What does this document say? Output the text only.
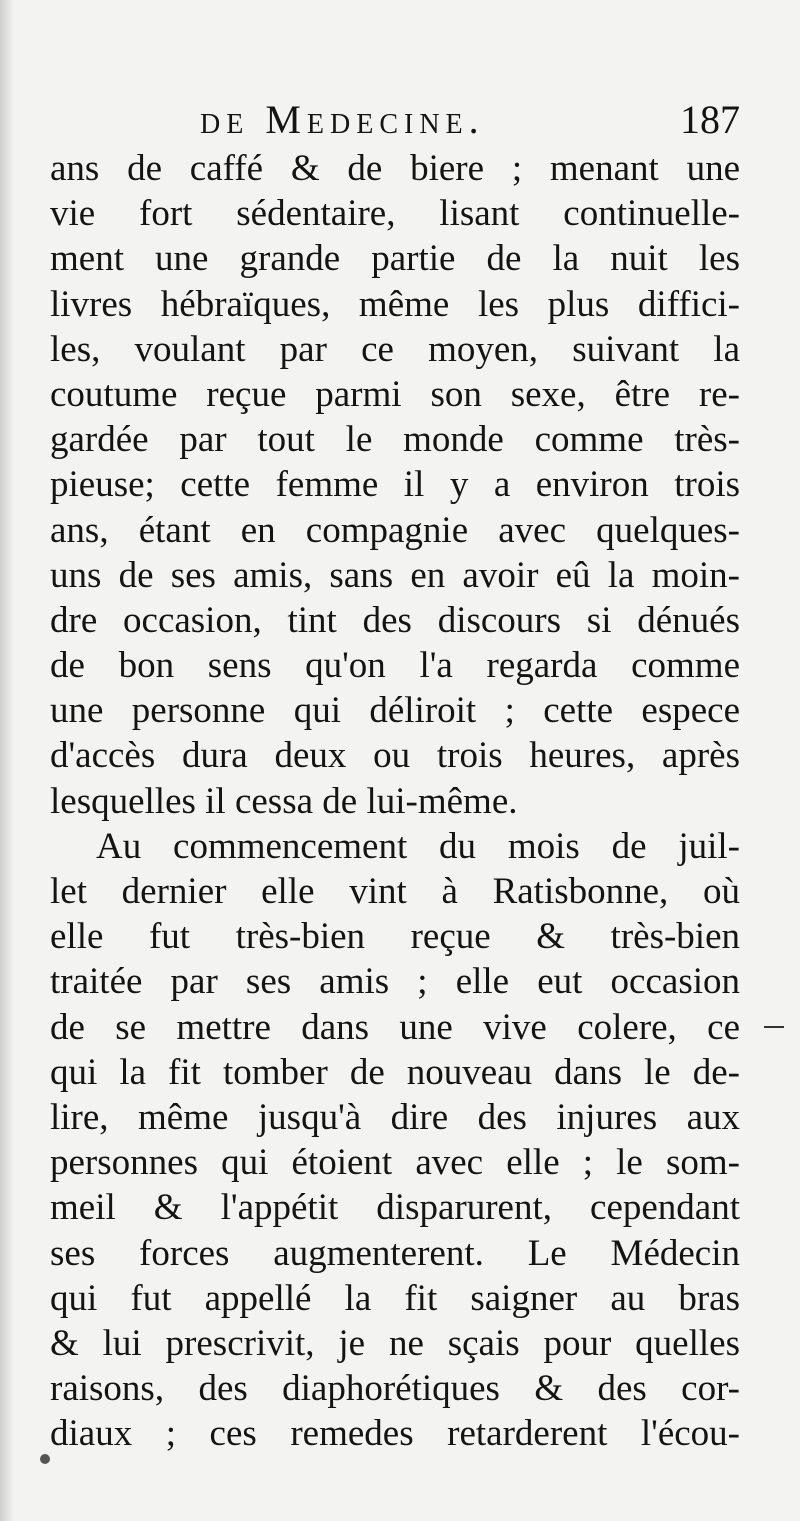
de Medecine.	187
ans de caffé & de biere ; menant une
vie fort sédentaire, lisant continuelle-
ment une grande partie de la nuit les
livres hébraïques, même les plus diffici-
les, voulant par ce moyen, suivant la
coutume reçue parmi son sexe, être re-
gardée par tout le monde comme très-
pieuse; cette femme il y a environ trois
ans, étant en compagnie avec quelques-
uns de ses amis, sans en avoir eû la moin-
dre occasion, tint des discours si dénués
de bon sens qu'on l'a regarda comme
une personne qui déliroit ; cette espece
d'accès dura deux ou trois heures, après
lesquelles il cessa de lui-même.
Au commencement du mois de juil-
let dernier elle vint à Ratisbonne, où
elle fut très-bien reçue & très-bien
traitée par ses amis ; elle eut occasion
de se mettre dans une vive colere, ce
qui la fit tomber de nouveau dans le de-
lire, même jusqu'à dire des injures aux
personnes qui étoient avec elle ; le som-
meil & l'appétit disparurent, cependant
ses forces augmenterent. Le Médecin
qui fut appellé la fit saigner au bras
& lui prescrivit, je ne sçais pour quelles
raisons, des diaphorétiques & des cor-
diaux ; ces remedes retarderent l'écou-
